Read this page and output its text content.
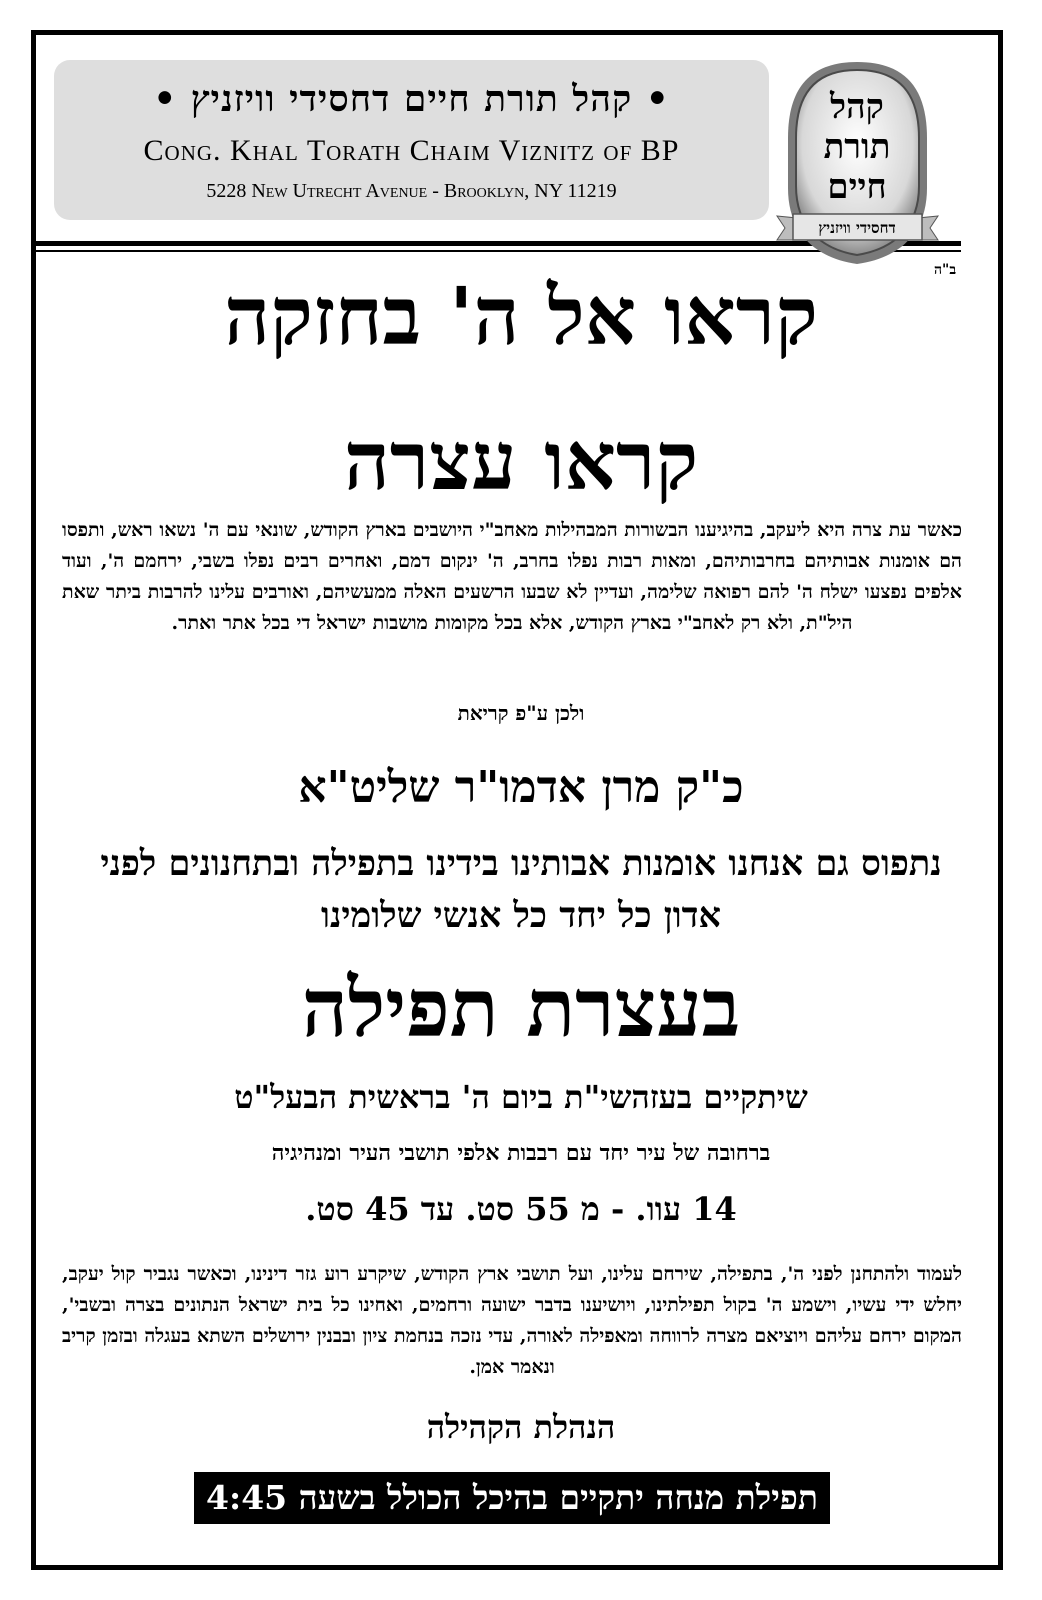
• קהל תורת חיים דחסידי וויזניץ •
Cong. Khal Torath Chaim Viznitz of BP
5228 New Utrecht Avenue - Brooklyn, NY 11219
קהל
תורת
חיים
דחסידי וויזניץ
ב"ה
קראו אל ה' בחזקה
קראו עצרה
כאשר עת צרה היא ליעקב, בהיגיענו הבשורות המבהילות מאחב"י היושבים בארץ הקודש, שונאי עם ה' נשאו ראש, ותפסו הם אומנות אבותיהם בחרבותיהם, ומאות רבות נפלו בחרב, ה' ינקום דמם, ואחרים רבים נפלו בשבי, ירחמם ה', ועוד אלפים נפצעו ישלח ה' להם רפואה שלימה, ועדיין לא שבעו הרשעים האלה ממעשיהם, ואורבים עלינו להרבות ביתר שאת היל"ת, ולא רק לאחב"י בארץ הקודש, אלא בכל מקומות מושבות ישראל די בכל אתר ואתר.
ולכן ע"פ קריאת
כ"ק מרן אדמו"ר שליט"א
נתפוס גם אנחנו אומנות אבותינו בידינו בתפילה ובתחנונים לפני
אדון כל יחד כל אנשי שלומינו
בעצרת תפילה
שיתקיים בעזהשי"ת ביום ה' בראשית הבעל"ט
ברחובה של עיר יחד עם רבבות אלפי תושבי העיר ומנהיגיה
14 עוו. - מ 55 סט. עד 45 סט.
לעמוד ולהתחנן לפני ה', בתפילה, שירחם עלינו, ועל תושבי ארץ הקודש, שיקרע רוע גזר דינינו, וכאשר נגביר קול יעקב, יחלש ידי עשיו, וישמע ה' בקול תפילתינו, ויושיענו בדבר ישועה ורחמים, ואחינו כל בית ישראל הנתונים בצרה ובשבי', המקום ירחם עליהם ויוציאם מצרה לרווחה ומאפילה לאורה, עדי נזכה בנחמת ציון ובבנין ירושלים השתא בעגלה ובזמן קריב ונאמר אמן.
הנהלת הקהילה
תפילת מנחה יתקיים בהיכל הכולל בשעה 4:45
